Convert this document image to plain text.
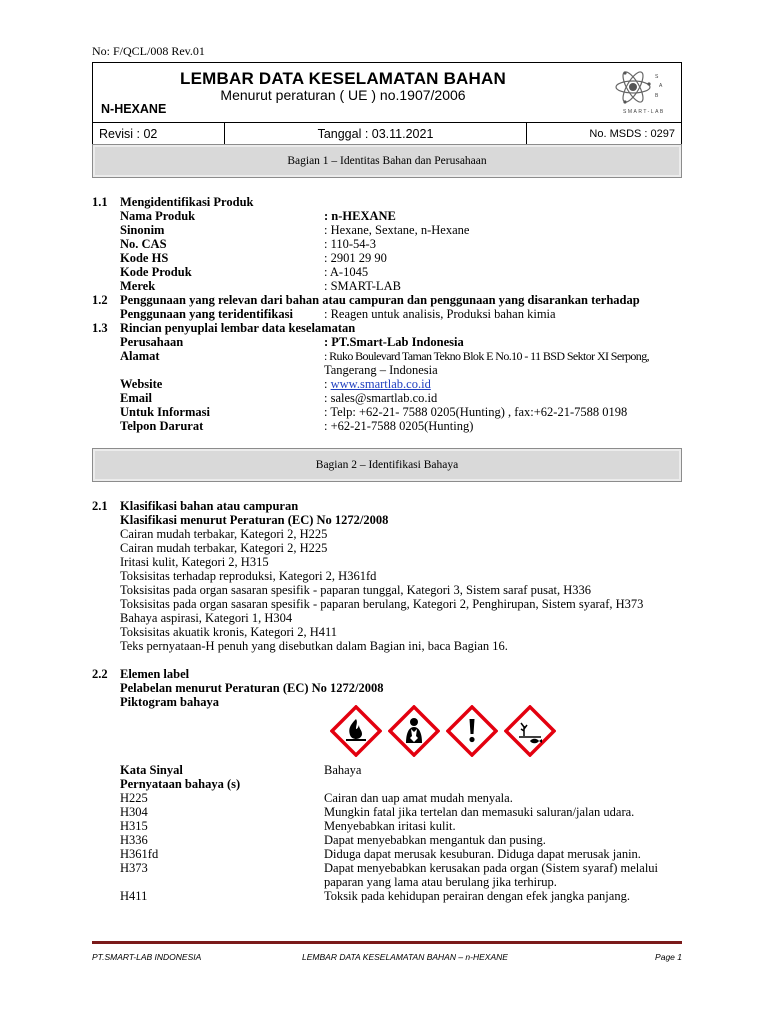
No: F/QCL/008 Rev.01
LEMBAR DATA KESELAMATAN BAHAN
Menurut peraturan ( UE ) no.1907/2006
N-HEXANE
S
A
B
SMART-LAB
Revisi : 02	Tanggal : 03.11.2021	No. MSDS : 0297
Bagian 1 – Identitas Bahan dan Perusahaan
1.1 Mengidentifikasi Produk
Nama Produk	: n-HEXANE
Sinonim	: Hexane, Sextane, n-Hexane
No. CAS	: 110-54-3
Kode HS	: 2901 29 90
Kode Produk	: A-1045
Merek	: SMART-LAB
1.2 Penggunaan yang relevan dari bahan atau campuran dan penggunaan yang disarankan terhadap
Penggunaan yang teridentifikasi : Reagen untuk analisis, Produksi bahan kimia
1.3 Rincian penyuplai lembar data keselamatan
Perusahaan	: PT.Smart-Lab Indonesia
Alamat	: Ruko Boulevard Taman Tekno Blok E No.10 - 11 BSD Sektor XI Serpong,
Tangerang – Indonesia
Website	: www.smartlab.co.id
Email	: sales@smartlab.co.id
Untuk Informasi	: Telp: +62-21- 7588 0205(Hunting) , fax:+62-21-7588 0198
Telpon Darurat	: +62-21-7588 0205(Hunting)
Bagian 2 – Identifikasi Bahaya
2.1 Klasifikasi bahan atau campuran
Klasifikasi menurut Peraturan (EC) No 1272/2008
Cairan mudah terbakar, Kategori 2, H225
Cairan mudah terbakar, Kategori 2, H225
Iritasi kulit, Kategori 2, H315
Toksisitas terhadap reproduksi, Kategori 2, H361fd
Toksisitas pada organ sasaran spesifik - paparan tunggal, Kategori 3, Sistem saraf pusat, H336
Toksisitas pada organ sasaran spesifik - paparan berulang, Kategori 2, Penghirupan, Sistem syaraf, H373
Bahaya aspirasi, Kategori 1, H304
Toksisitas akuatik kronis, Kategori 2, H411
Teks pernyataan-H penuh yang disebutkan dalam Bagian ini, baca Bagian 16.
2.2 Elemen label
Pelabelan menurut Peraturan (EC) No 1272/2008
Piktogram bahaya
Kata Sinyal	Bahaya
Pernyataan bahaya (s)
H225	Cairan dan uap amat mudah menyala.
H304	Mungkin fatal jika tertelan dan memasuki saluran/jalan udara.
H315	Menyebabkan iritasi kulit.
H336	Dapat menyebabkan mengantuk dan pusing.
H361fd	Diduga dapat merusak kesuburan. Diduga dapat merusak janin.
H373	Dapat menyebabkan kerusakan pada organ (Sistem syaraf) melalui
paparan yang lama atau berulang jika terhirup.
H411	Toksik pada kehidupan perairan dengan efek jangka panjang.
PT.SMART-LAB INDONESIA	LEMBAR DATA KESELAMATAN BAHAN – n-HEXANE	Page 1
